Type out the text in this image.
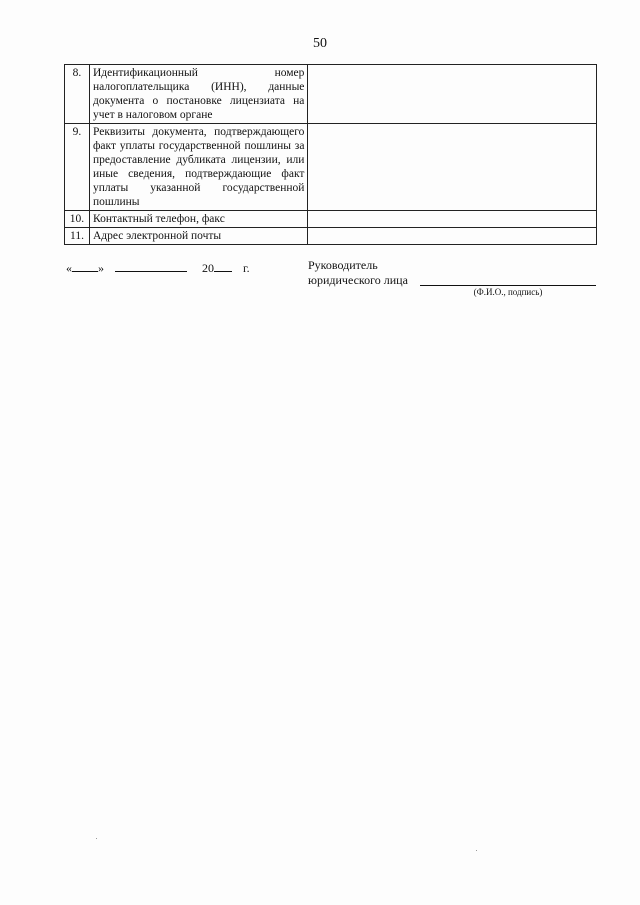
50
8.	Идентификационный номер налогоплательщика (ИНН), данные документа о постановке лицензиата на учет в налоговом органе	
9.	Реквизиты документа, подтверждающего факт уплаты государственной пошлины за предоставление дубликата лицензии, или иные сведения, подтверждающие факт уплаты указанной государственной пошлины	
10.	Контактный телефон, факс	
11.	Адрес электронной почты	
« »	20 г.	Руководитель
юридического лица
(Ф.И.О., подпись)
